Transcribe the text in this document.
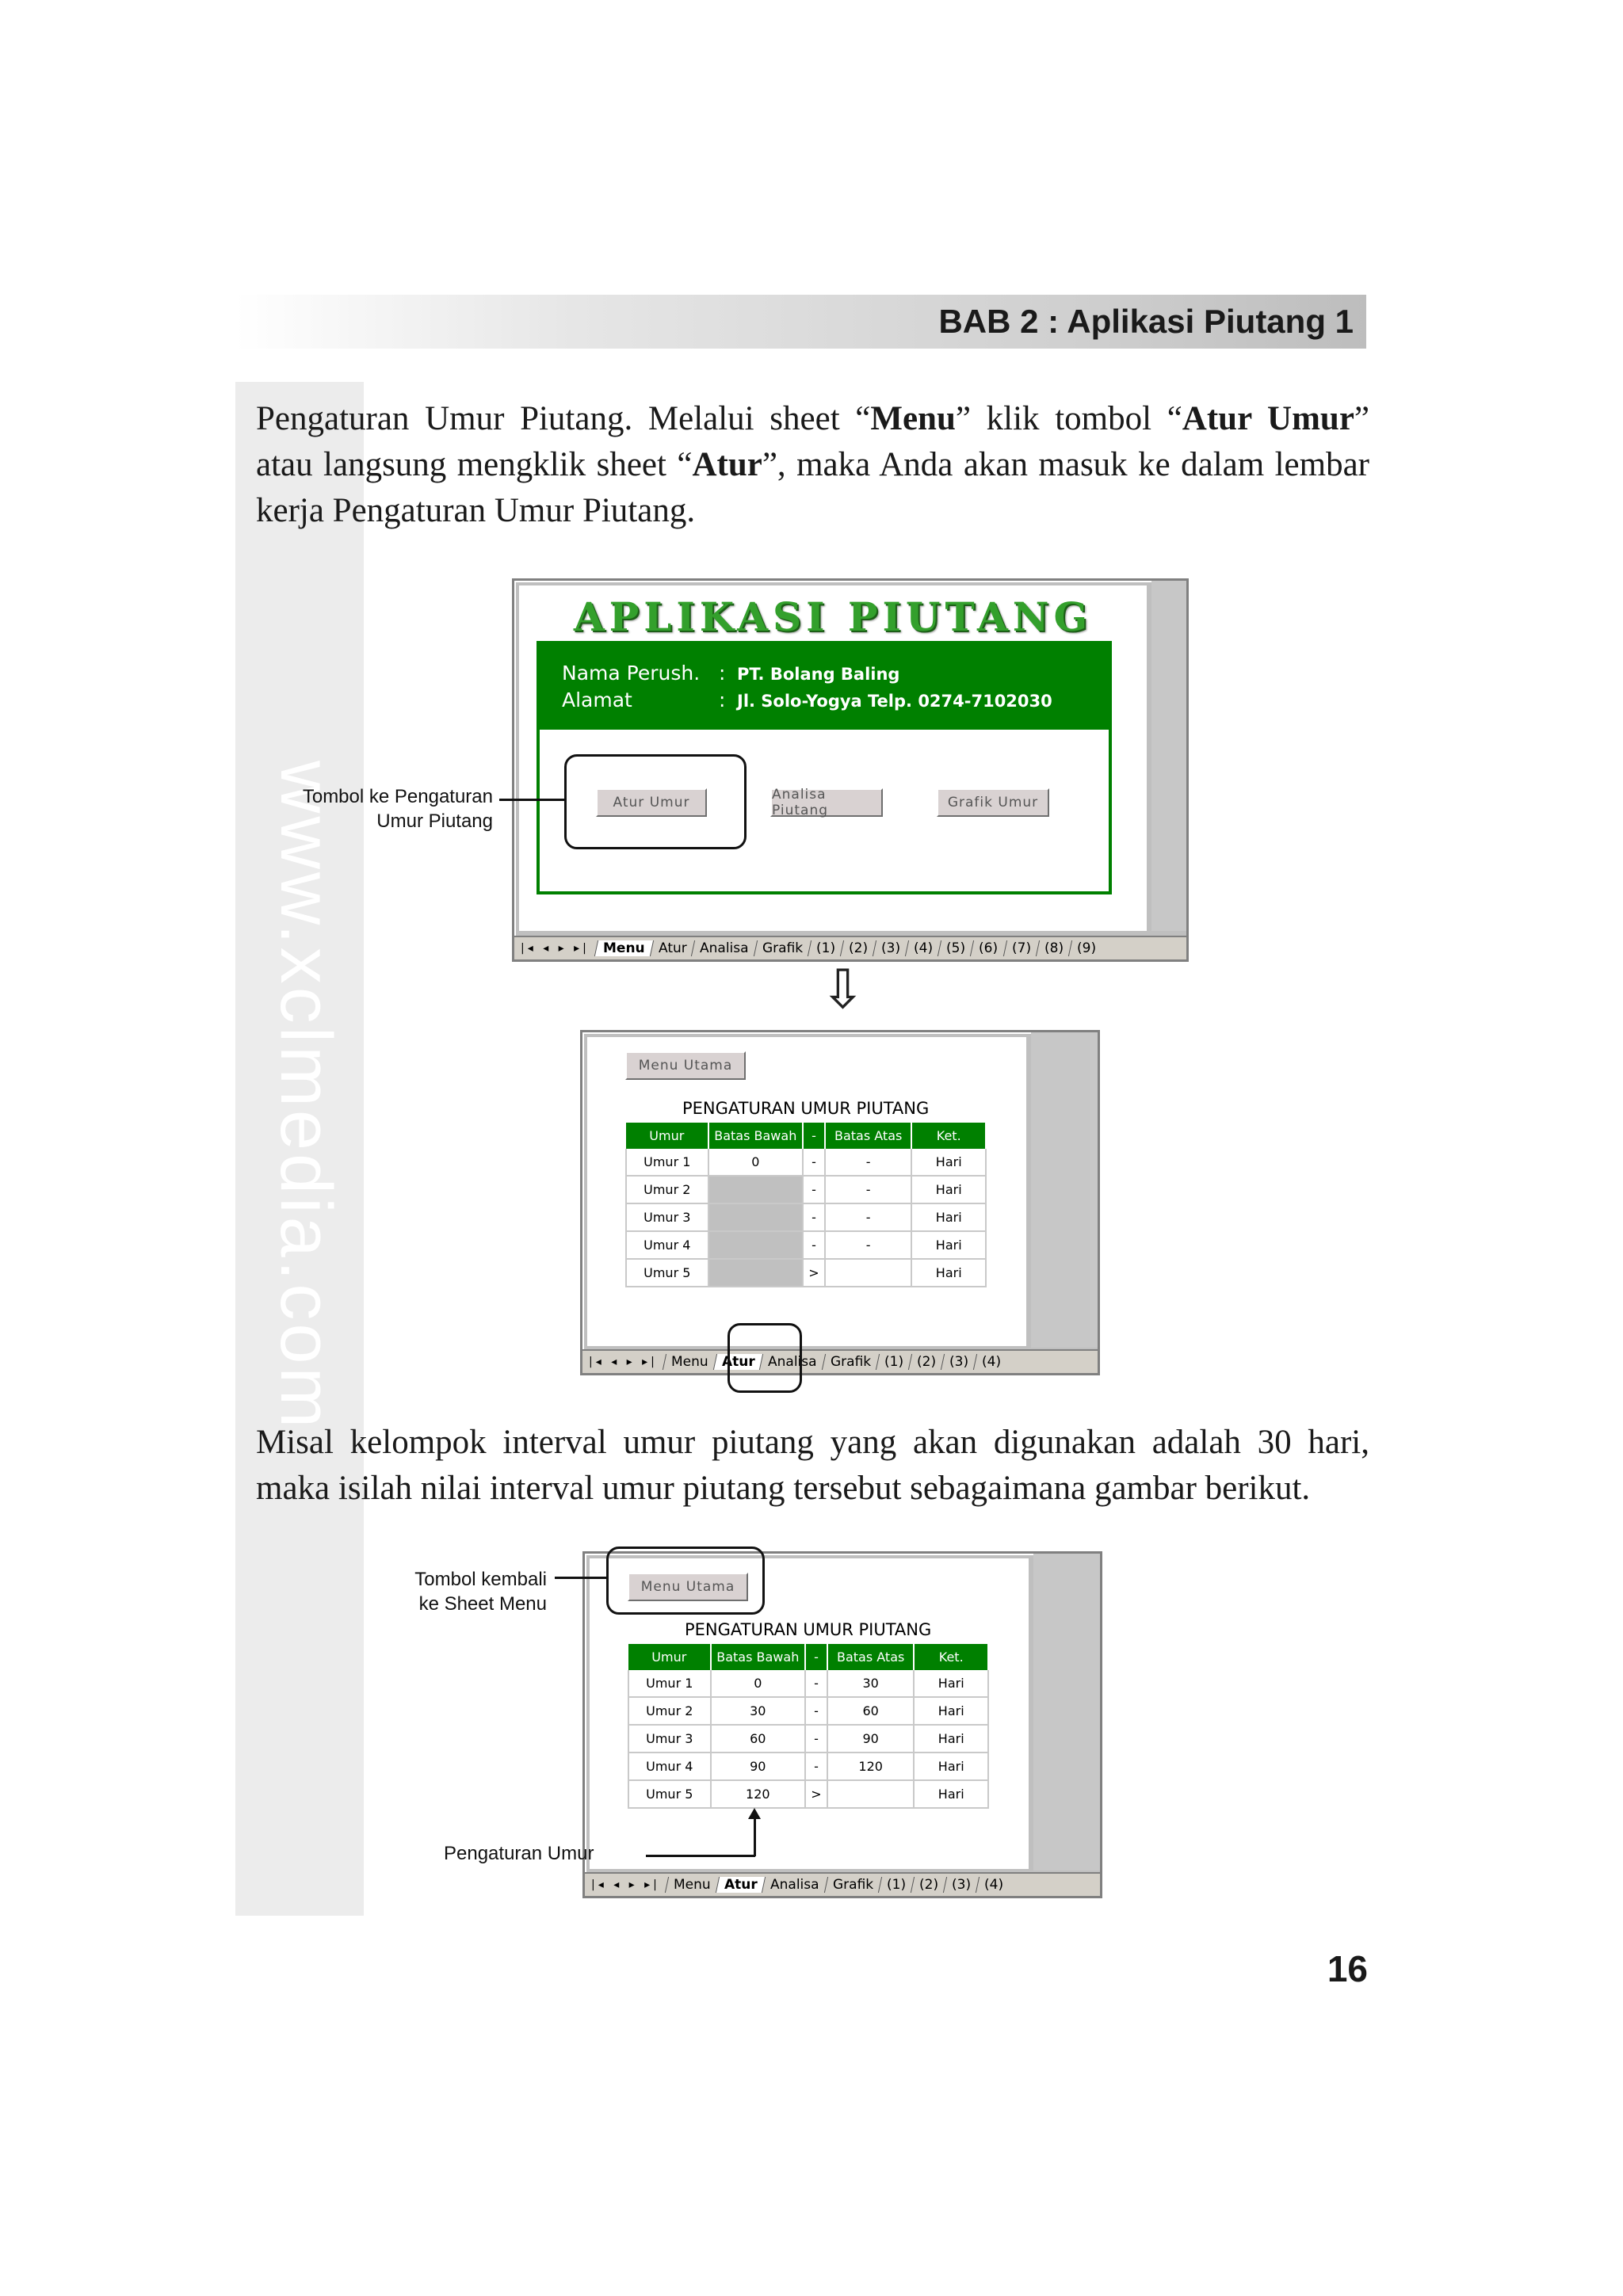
www.xclmedia.com
BAB 2 : Aplikasi Piutang 1
Pengaturan Umur Piutang. Melalui sheet “Menu” klik tombol “Atur Umur” atau langsung mengklik sheet “Atur”, maka Anda akan masuk ke dalam lembar kerja Pengaturan Umur Piutang.
APLIKASI PIUTANG
Nama Perush. : PT. Bolang Baling
Alamat	: Jl. Solo-Yogya Telp. 0274-7102030
Atur Umur	Analisa Piutang	Grafik Umur
|◂ ◂ ▸ ▸|	Menu	Atur	Analisa	Grafik	(1)	(2)	(3)	(4)	(5)	(6)	(7)	(8)	(9)
Tombol ke Pengaturan
Umur Piutang
⇩
Menu Utama
PENGATURAN UMUR PIUTANG
Umur	Batas Bawah	-	Batas Atas	Ket.
Umur 1	0	-	-	Hari
Umur 2		-	-	Hari
Umur 3		-	-	Hari
Umur 4		-	-	Hari
Umur 5		>		Hari
|◂ ◂ ▸ ▸|	Menu	Atur	Analisa	Grafik	(1)	(2)	(3)	(4)
Misal kelompok interval umur piutang yang akan digunakan adalah 30 hari, maka isilah nilai interval umur piutang tersebut sebagaimana gambar berikut.
Menu Utama
PENGATURAN UMUR PIUTANG
Umur	Batas Bawah	-	Batas Atas	Ket.
Umur 1	0	-	30	Hari
Umur 2	30	-	60	Hari
Umur 3	60	-	90	Hari
Umur 4	90	-	120	Hari
Umur 5	120	>		Hari
|◂ ◂ ▸ ▸|	Menu	Atur	Analisa	Grafik	(1)	(2)	(3)	(4)
Tombol kembali
ke Sheet Menu
Pengaturan Umur
16
